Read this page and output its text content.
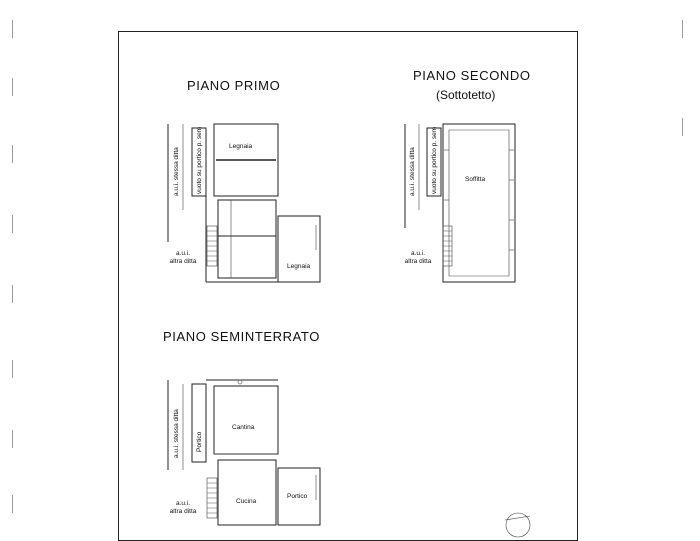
PIANO PRIMO
a.u.i. stessa ditta vuoto su portico p. sem
a.u.i.
altra ditta
Legnaia
Legnaia
PIANO SECONDO
(Sottotetto)
a.u.i. stessa ditta vuoto su portico p. sem
a.u.i.
altra ditta
Soffitta
PIANO SEMINTERRATO
a.u.i. stessa ditta Portico
a.u.i.
altra ditta
Cantina
Cucina
Portico
